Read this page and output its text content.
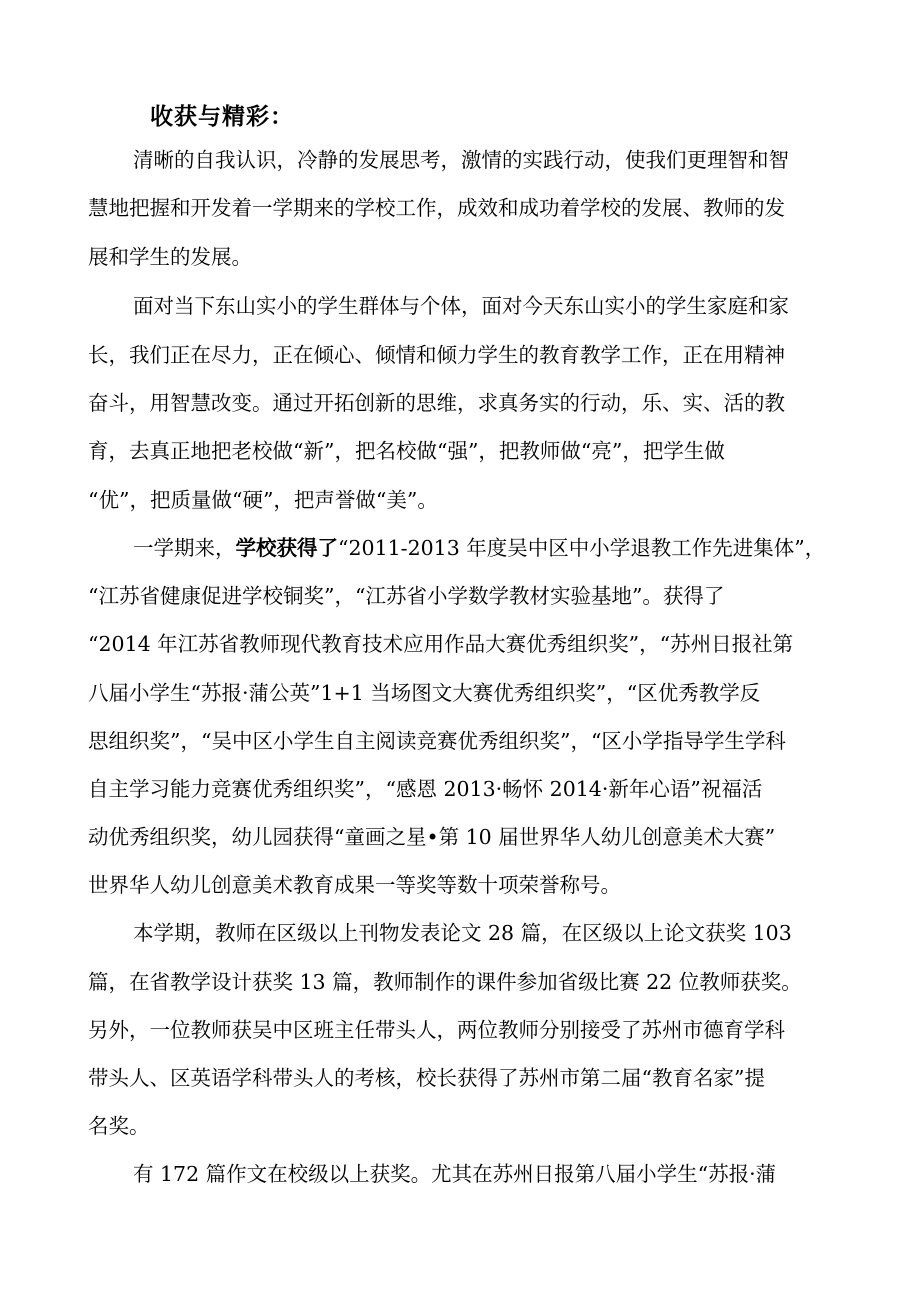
收获与精彩：
清晰的自我认识，冷静的发展思考，激情的实践行动，使我们更理智和智
慧地把握和开发着一学期来的学校工作，成效和成功着学校的发展、教师的发
展和学生的发展。
面对当下东山实小的学生群体与个体，面对今天东山实小的学生家庭和家
长，我们正在尽力，正在倾心、倾情和倾力学生的教育教学工作，正在用精神
奋斗，用智慧改变。通过开拓创新的思维，求真务实的行动，乐、实、活的教
育，去真正地把老校做“新”，把名校做“强”，把教师做“亮”，把学生做
“优”，把质量做“硬”，把声誉做“美”。
一学期来，学校获得了“2011-2013 年度吴中区中小学退教工作先进集体”，
“江苏省健康促进学校铜奖”，“江苏省小学数学教材实验基地”。获得了
“2014 年江苏省教师现代教育技术应用作品大赛优秀组织奖”，“苏州日报社第
八届小学生“苏报·蒲公英”1+1 当场图文大赛优秀组织奖”，“区优秀教学反
思组织奖”，“吴中区小学生自主阅读竞赛优秀组织奖”，“区小学指导学生学科
自主学习能力竞赛优秀组织奖”，“感恩 2013·畅怀 2014·新年心语”祝福活
动优秀组织奖，幼儿园获得“童画之星•第 10 届世界华人幼儿创意美术大赛”
世界华人幼儿创意美术教育成果一等奖等数十项荣誉称号。
本学期，教师在区级以上刊物发表论文 28 篇，在区级以上论文获奖 103
篇，在省教学设计获奖 13 篇，教师制作的课件参加省级比赛 22 位教师获奖。
另外，一位教师获吴中区班主任带头人，两位教师分别接受了苏州市德育学科
带头人、区英语学科带头人的考核，校长获得了苏州市第二届“教育名家”提
名奖。
有 172 篇作文在校级以上获奖。尤其在苏州日报第八届小学生“苏报·蒲
